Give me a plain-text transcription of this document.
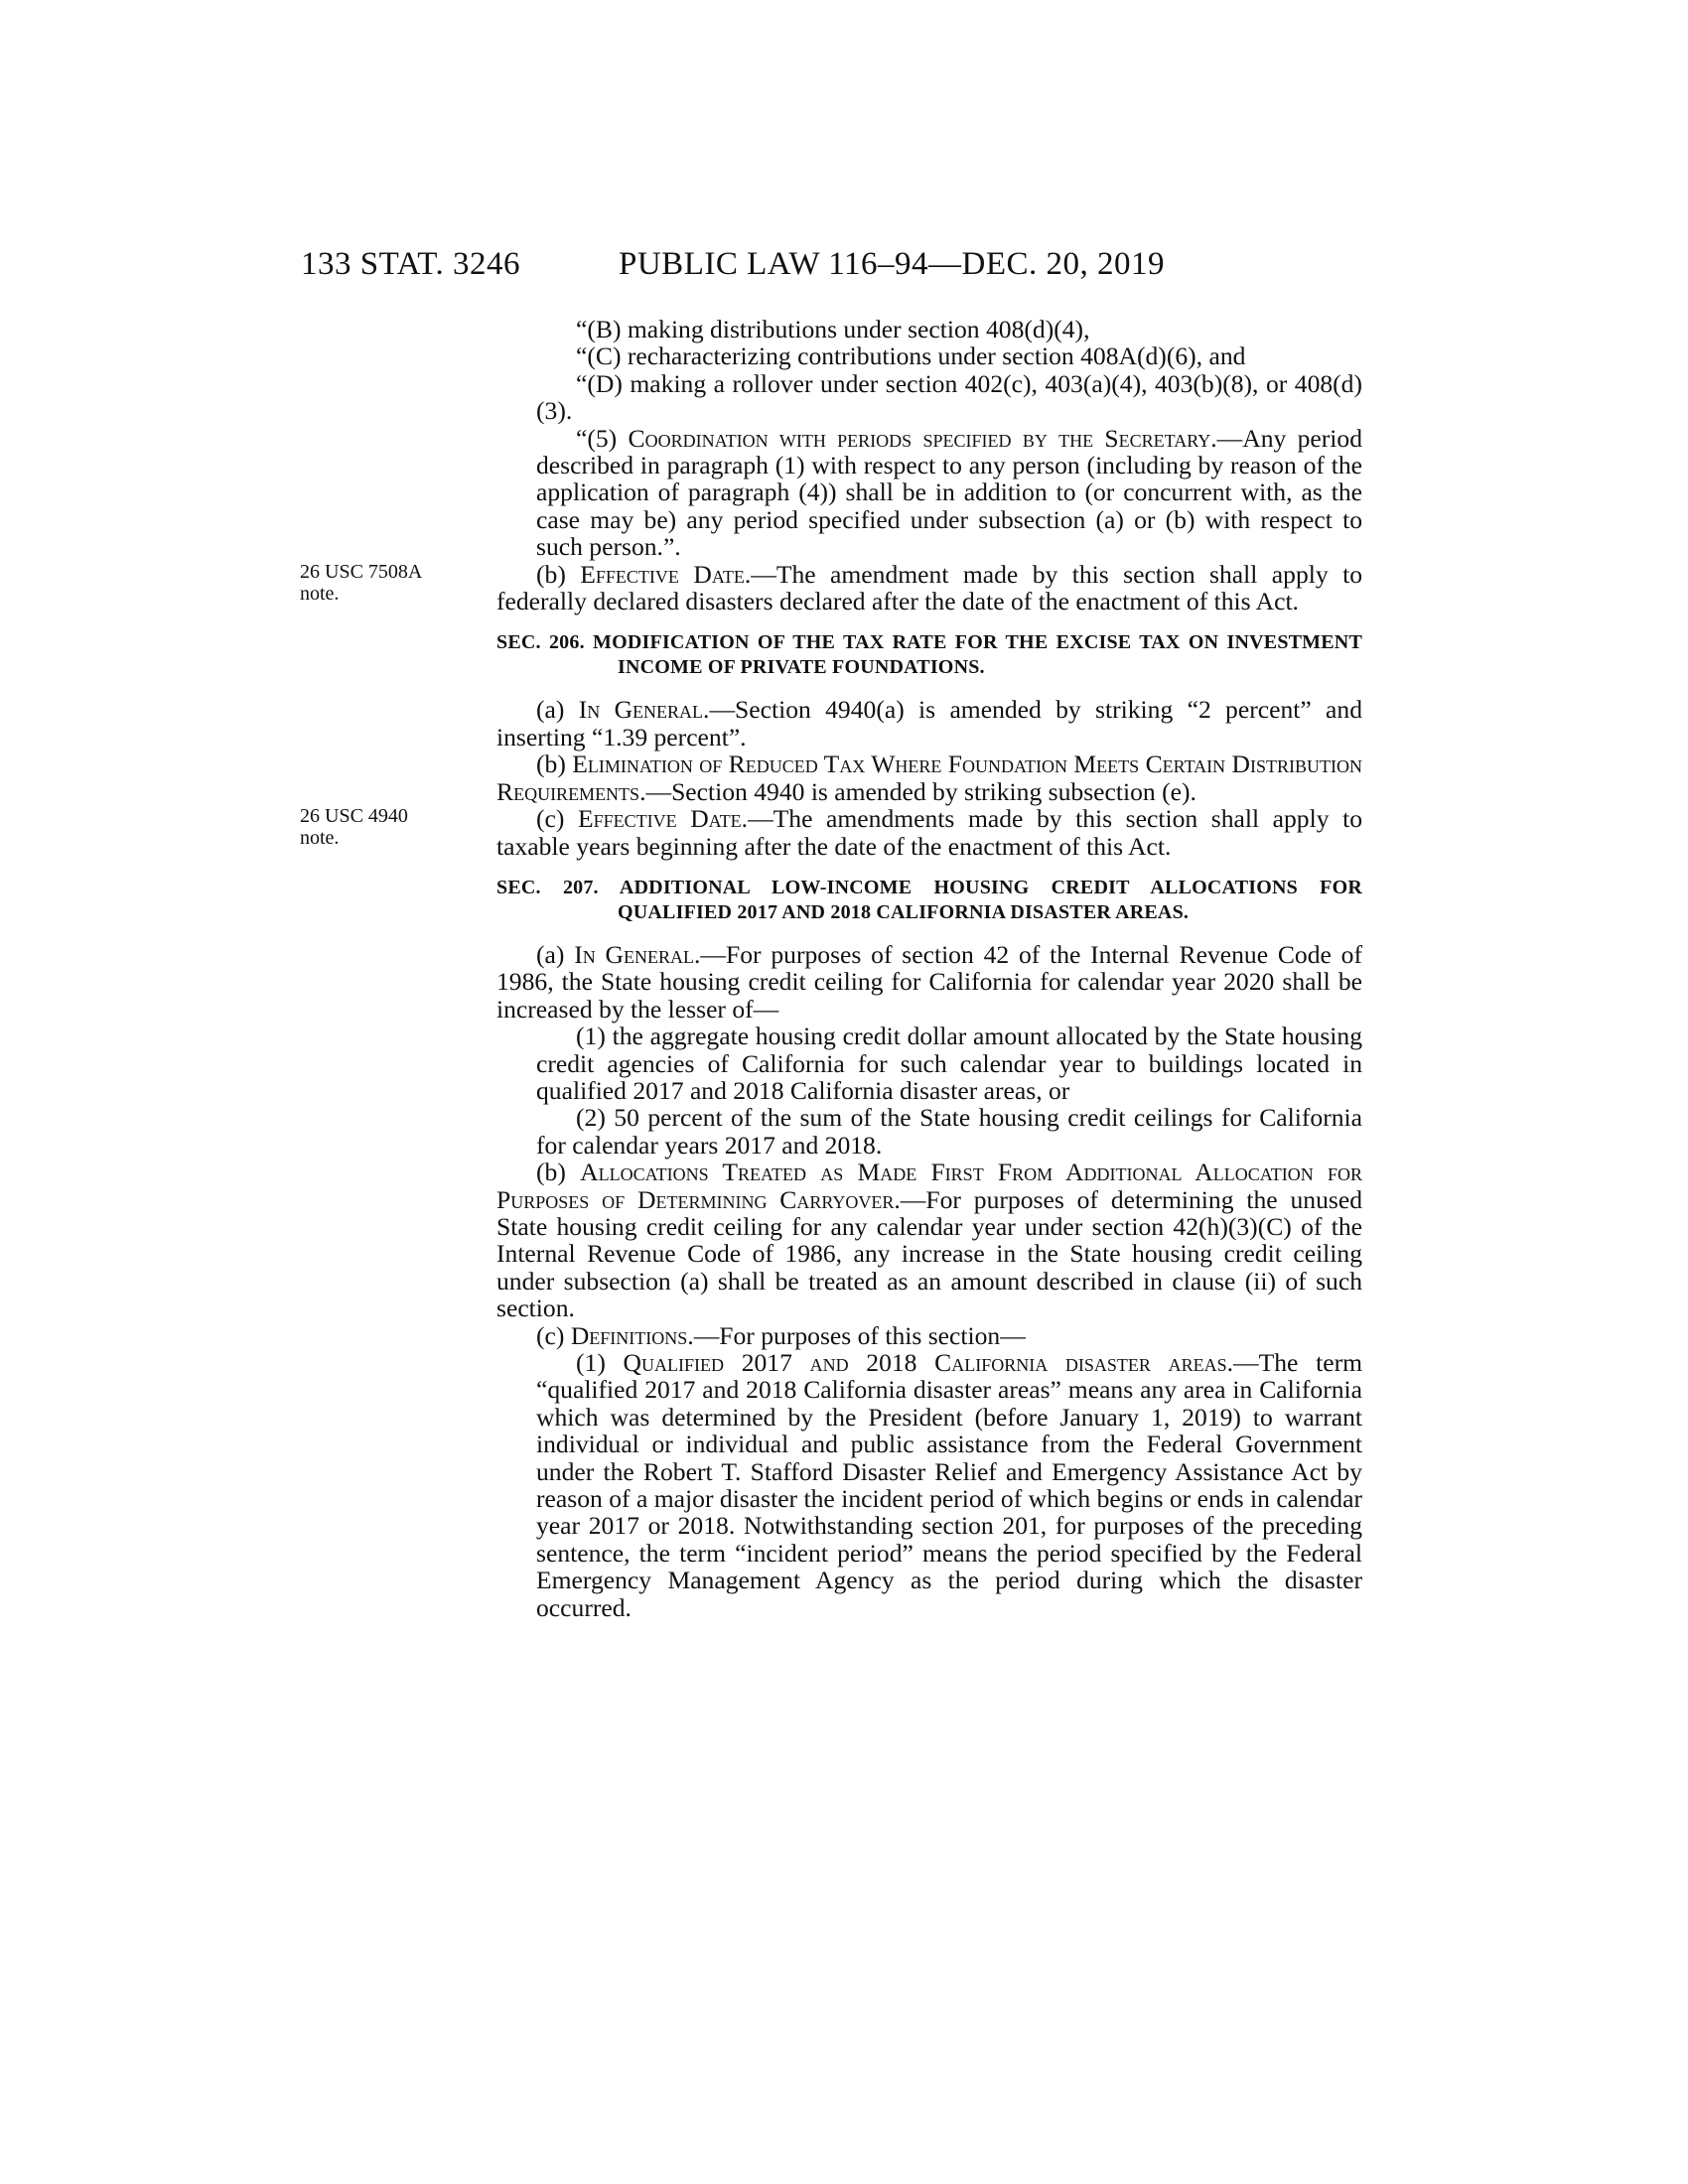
133 STAT. 3246	PUBLIC LAW 116–94—DEC. 20, 2019

“(B) making distributions under section 408(d)(4),

“(C) recharacterizing contributions under section 408A(d)(6), and

“(D) making a rollover under section 402(c), 403(a)(4), 403(b)(8), or 408(d)(3).

“(5) Coordination with periods specified by the Secretary.—Any period described in paragraph (1) with respect to any person (including by reason of the application of paragraph (4)) shall be in addition to (or concurrent with, as the case may be) any period specified under subsection (a) or (b) with respect to such person.”.

26 USC 7508A note.
(b) Effective Date.—The amendment made by this section shall apply to federally declared disasters declared after the date of the enactment of this Act.

SEC. 206. MODIFICATION OF THE TAX RATE FOR THE EXCISE TAX ON INVESTMENT INCOME OF PRIVATE FOUNDATIONS.

(a) In General.—Section 4940(a) is amended by striking “2 percent” and inserting “1.39 percent”.

(b) Elimination of Reduced Tax Where Foundation Meets Certain Distribution Requirements.—Section 4940 is amended by striking subsection (e).

26 USC 4940 note.
(c) Effective Date.—The amendments made by this section shall apply to taxable years beginning after the date of the enactment of this Act.

SEC. 207. ADDITIONAL LOW-INCOME HOUSING CREDIT ALLOCATIONS FOR QUALIFIED 2017 AND 2018 CALIFORNIA DISASTER AREAS.

(a) In General.—For purposes of section 42 of the Internal Revenue Code of 1986, the State housing credit ceiling for California for calendar year 2020 shall be increased by the lesser of—

(1) the aggregate housing credit dollar amount allocated by the State housing credit agencies of California for such calendar year to buildings located in qualified 2017 and 2018 California disaster areas, or

(2) 50 percent of the sum of the State housing credit ceilings for California for calendar years 2017 and 2018.

(b) Allocations Treated as Made First From Additional Allocation for Purposes of Determining Carryover.—For purposes of determining the unused State housing credit ceiling for any calendar year under section 42(h)(3)(C) of the Internal Revenue Code of 1986, any increase in the State housing credit ceiling under subsection (a) shall be treated as an amount described in clause (ii) of such section.

(c) Definitions.—For purposes of this section—

(1) Qualified 2017 and 2018 California disaster areas.—The term “qualified 2017 and 2018 California disaster areas” means any area in California which was determined by the President (before January 1, 2019) to warrant individual or individual and public assistance from the Federal Government under the Robert T. Stafford Disaster Relief and Emergency Assistance Act by reason of a major disaster the incident period of which begins or ends in calendar year 2017 or 2018. Notwithstanding section 201, for purposes of the preceding sentence, the term “incident period” means the period specified by the Federal Emergency Management Agency as the period during which the disaster occurred.
